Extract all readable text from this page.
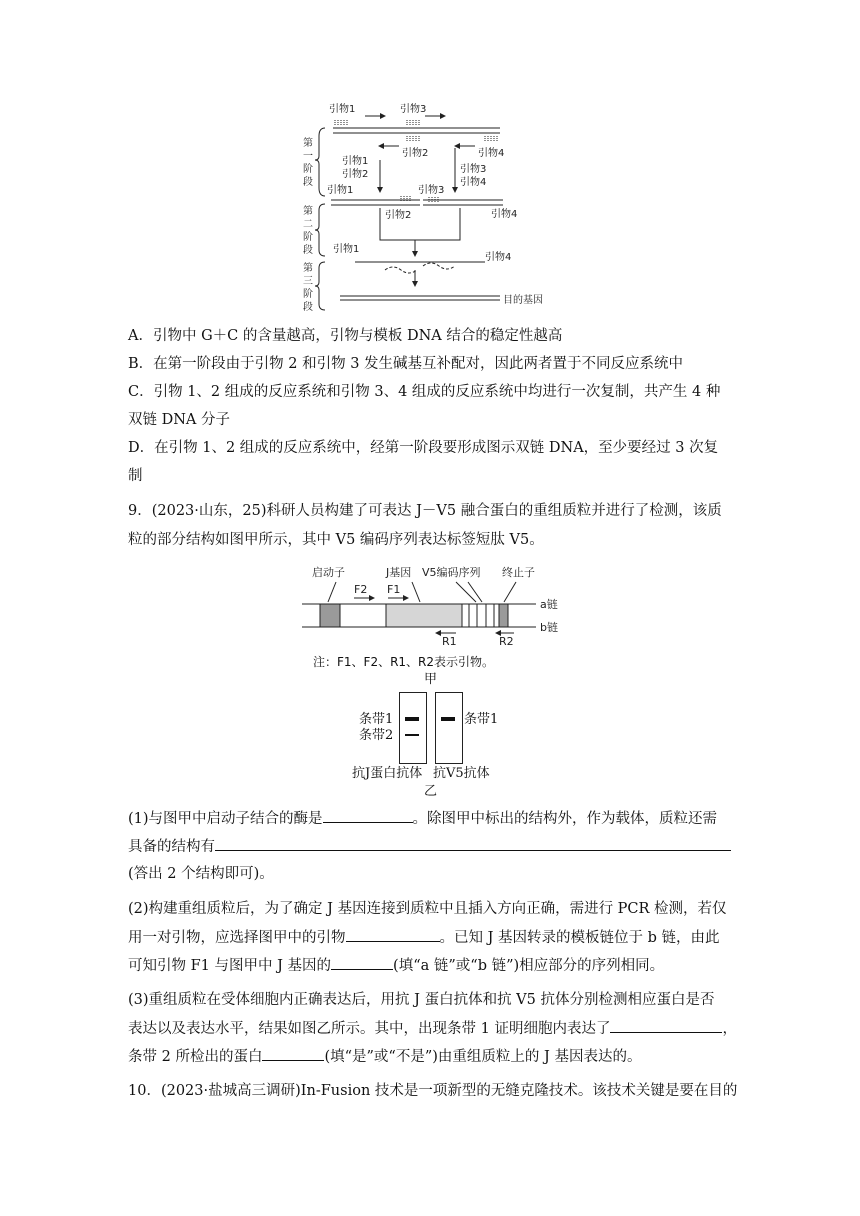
第
一
阶
段
第
二
阶
段
第
三
阶
段
引物1	引物3
引物2	引物4
引物1
引物2	引物3
引物4
引物1	引物3
引物2	引物4
引物1
引物4
目的基因
A．引物中 G＋C 的含量越高，引物与模板 DNA 结合的稳定性越高
B．在第一阶段由于引物 2 和引物 3 发生碱基互补配对，因此两者置于不同反应系统中
C．引物 1、2 组成的反应系统和引物 3、4 组成的反应系统中均进行一次复制，共产生 4 种
双链 DNA 分子
D．在引物 1、2 组成的反应系统中，经第一阶段要形成图示双链 DNA，至少要经过 3 次复
制
9．(2023·山东，25)科研人员构建了可表达 J－V5 融合蛋白的重组质粒并进行了检测，该质
粒的部分结构如图甲所示，其中 V5 编码序列表达标签短肽 V5。
启动子	J基因 V5编码序列 终止子
F2 F1
R1	R2
a链
b链
注：F1、F2、R1、R2表示引物。
甲
条带1
条带2
条带1
抗J蛋白抗体 抗V5抗体
乙
(1)与图甲中启动子结合的酶是	。除图甲中标出的结构外，作为载体，质粒还需
具备的结构有
(答出 2 个结构即可)。
(2)构建重组质粒后，为了确定 J 基因连接到质粒中且插入方向正确，需进行 PCR 检测，若仅
用一对引物，应选择图甲中的引物	。已知 J 基因转录的模板链位于 b 链，由此
可知引物 F1 与图甲中 J 基因的	(填“a 链”或“b 链”)相应部分的序列相同。
(3)重组质粒在受体细胞内正确表达后，用抗 J 蛋白抗体和抗 V5 抗体分别检测相应蛋白是否
表达以及表达水平，结果如图乙所示。其中，出现条带 1 证明细胞内表达了	，
条带 2 所检出的蛋白	(填“是”或“不是”)由重组质粒上的 J 基因表达的。
10．(2023·盐城高三调研)In-Fusion 技术是一项新型的无缝克隆技术。该技术关键是要在目的
